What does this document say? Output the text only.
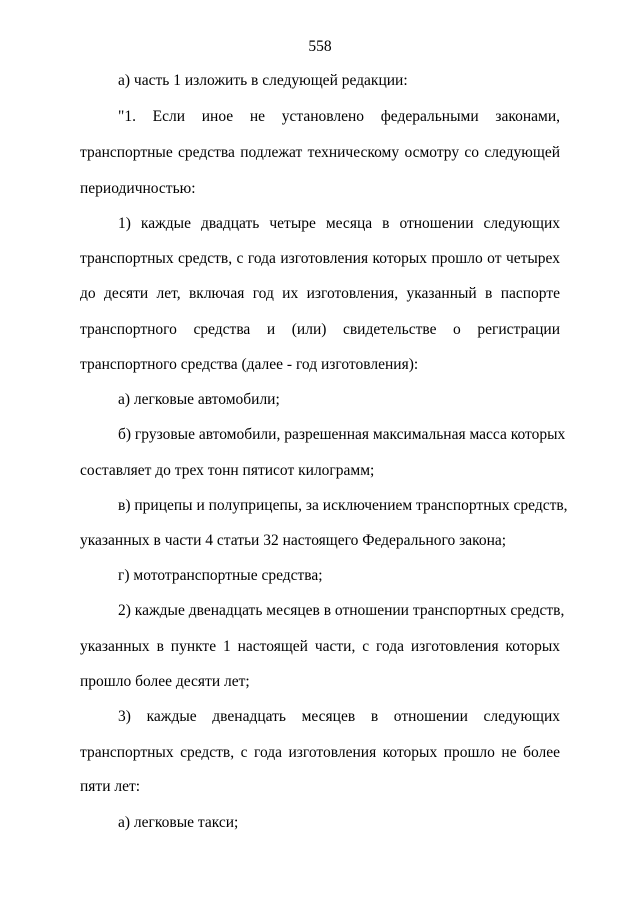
558
а) часть 1 изложить в следующей редакции:
"1. Если иное не установлено федеральными законами,
транспортные средства подлежат техническому осмотру со следующей
периодичностью:
1) каждые двадцать четыре месяца в отношении следующих
транспортных средств, с года изготовления которых прошло от четырех
до десяти лет, включая год их изготовления, указанный в паспорте
транспортного средства и (или) свидетельстве о регистрации
транспортного средства (далее - год изготовления):
а) легковые автомобили;
б) грузовые автомобили, разрешенная максимальная масса которых
составляет до трех тонн пятисот килограмм;
в) прицепы и полуприцепы, за исключением транспортных средств,
указанных в части 4 статьи 32 настоящего Федерального закона;
г) мототранспортные средства;
2) каждые двенадцать месяцев в отношении транспортных средств,
указанных в пункте 1 настоящей части, с года изготовления которых
прошло более десяти лет;
3) каждые двенадцать месяцев в отношении следующих
транспортных средств, с года изготовления которых прошло не более
пяти лет:
а) легковые такси;
